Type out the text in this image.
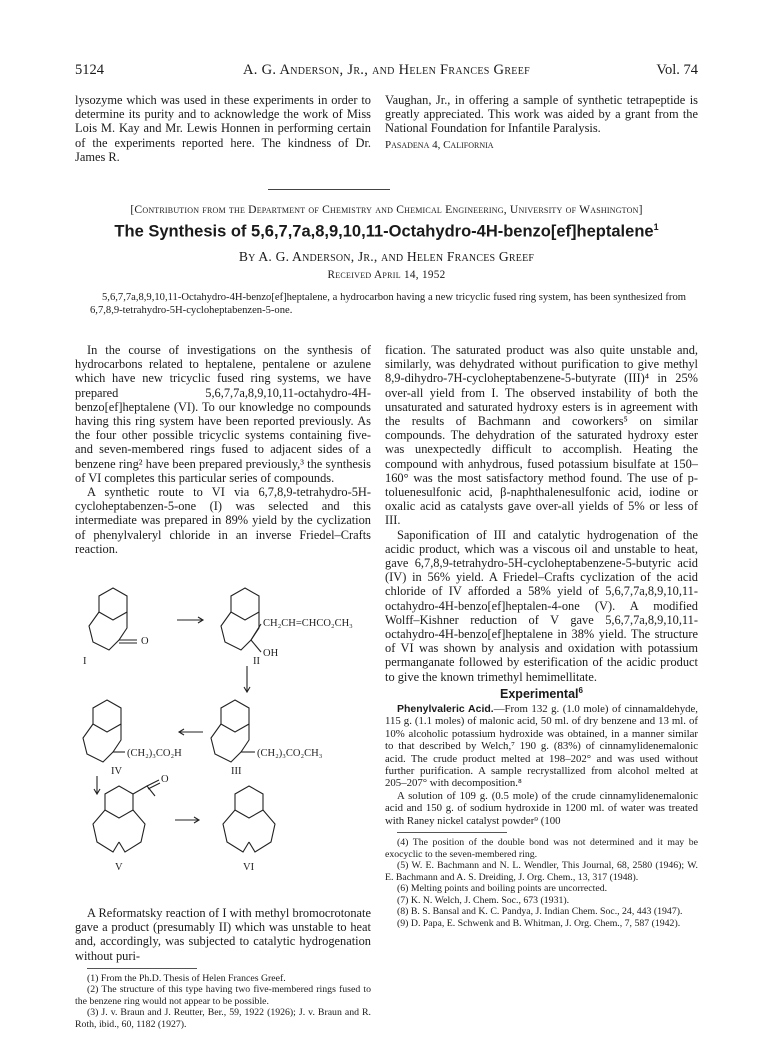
5124	A. G. Anderson, Jr., and Helen Frances Greef	Vol. 74

lysozyme which was used in these experiments in order to determine its purity and to acknowledge the work of Miss Lois M. Kay and Mr. Lewis Honnen in performing certain of the experiments reported here. The kindness of Dr. James R.

Vaughan, Jr., in offering a sample of synthetic tetrapeptide is greatly appreciated. This work was aided by a grant from the National Foundation for Infantile Paralysis.

Pasadena 4, California

[Contribution from the Department of Chemistry and Chemical Engineering, University of Washington]
The Synthesis of 5,6,7,7a,8,9,10,11-Octahydro-4H-benzo[ef]heptalene$^1$
By A. G. Anderson, Jr., and Helen Frances Greef
Received April 14, 1952
5,6,7,7a,8,9,10,11-Octahydro-4H-benzo[ef]heptalene, a hydrocarbon having a new tricyclic fused ring system, has been synthesized from 6,7,8,9-tetrahydro-5H-cycloheptabenzen-5-one.

In the course of investigations on the synthesis of hydrocarbons related to heptalene, pentalene or azulene which have new tricyclic fused ring systems, we have prepared 5,6,7,7a,8,9,10,11-octahydro-4H-benzo[ef]heptalene (VI). To our knowledge no compounds having this ring system have been reported previously. As the four other possible tricyclic systems containing five- and seven-membered rings fused to adjacent sides of a benzene ring² have been prepared previously,³ the synthesis of VI completes this particular series of compounds.

A synthetic route to VI via 6,7,8,9-tetrahydro-5H-cycloheptabenzen-5-one (I) was selected and this intermediate was prepared in 89% yield by the cyclization of phenylvaleryl chloride in an inverse Friedel–Crafts reaction.

I
O
II
CH₂CH=CHCO₂CH₃
OH
(CH₂)₃CO₂CH₃
III
(CH₂)₃CO₂H
IV
O
V	VI

A Reformatsky reaction of I with methyl bromocrotonate gave a product (presumably II) which was unstable to heat and, accordingly, was subjected to catalytic hydrogenation without puri-

(1) From the Ph.D. Thesis of Helen Frances Greef.

(2) The structure of this type having two five-membered rings fused to the benzene ring would not appear to be possible.

(3) J. v. Braun and J. Reutter, Ber., 59, 1922 (1926); J. v. Braun and R. Roth, ibid., 60, 1182 (1927).

fication. The saturated product was also quite unstable and, similarly, was dehydrated without purification to give methyl 8,9-dihydro-7H-cycloheptabenzene-5-butyrate (III)⁴ in 25% over-all yield from I. The observed instability of both the unsaturated and saturated hydroxy esters is in agreement with the results of Bachmann and coworkers⁵ on similar compounds. The dehydration of the saturated hydroxy ester was unexpectedly difficult to accomplish. Heating the compound with anhydrous, fused potassium bisulfate at 150–160° was the most satisfactory method found. The use of p-toluenesulfonic acid, β-naphthalenesulfonic acid, iodine or oxalic acid as catalysts gave over-all yields of 5% or less of III.

Saponification of III and catalytic hydrogenation of the acidic product, which was a viscous oil and unstable to heat, gave 6,7,8,9-tetrahydro-5H-cycloheptabenzene-5-butyric acid (IV) in 56% yield. A Friedel–Crafts cyclization of the acid chloride of IV afforded a 58% yield of 5,6,7,7a,8,9,10,11-octahydro-4H-benzo[ef]heptalen-4-one (V). A modified Wolff–Kishner reduction of V gave 5,6,7,7a,8,9,10,11-octahydro-4H-benzo[ef]heptalene in 38% yield. The structure of VI was shown by analysis and oxidation with potassium permanganate followed by esterification of the acidic product to give the known trimethyl hemimellitate.

Experimental$^6$

Phenylvaleric Acid.—From 132 g. (1.0 mole) of cinnamaldehyde, 115 g. (1.1 moles) of malonic acid, 50 ml. of dry benzene and 13 ml. of 10% alcoholic potassium hydroxide was obtained, in a manner similar to that described by Welch,⁷ 190 g. (83%) of cinnamylidenemalonic acid. The crude product melted at 198–202° and was used without further purification. A sample recrystallized from alcohol melted at 205–207° with decomposition.⁸

A solution of 109 g. (0.5 mole) of the crude cinnamylidenemalonic acid and 150 g. of sodium hydroxide in 1200 ml. of water was treated with Raney nickel catalyst powder⁹ (100

(4) The position of the double bond was not determined and it may be exocyclic to the seven-membered ring.

(5) W. E. Bachmann and N. L. Wendler, This Journal, 68, 2580 (1946); W. E. Bachmann and A. S. Dreiding, J. Org. Chem., 13, 317 (1948).

(6) Melting points and boiling points are uncorrected.

(7) K. N. Welch, J. Chem. Soc., 673 (1931).

(8) B. S. Bansal and K. C. Pandya, J. Indian Chem. Soc., 24, 443 (1947).

(9) D. Papa, E. Schwenk and B. Whitman, J. Org. Chem., 7, 587 (1942).
